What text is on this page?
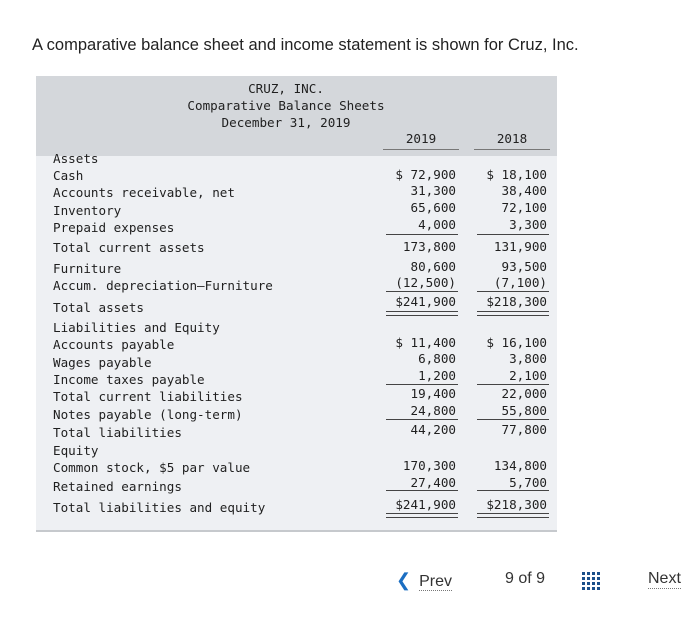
A comparative balance sheet and income statement is shown for Cruz, Inc.
CRUZ, INC.
Comparative Balance Sheets
December 31, 2019
2019	2018
Assets
Cash	$ 72,900	$ 18,100
Accounts receivable, net	31,300	38,400
Inventory	65,600	72,100
Prepaid expenses	4,000	3,300
Total current assets	173,800	131,900
Furniture	80,600	93,500
Accum. depreciation—Furniture	(12,500)	(7,100)
Total assets	$241,900	$218,300
Liabilities and Equity
Accounts payable	$ 11,400	$ 16,100
Wages payable	6,800	3,800
Income taxes payable	1,200	2,100
Total current liabilities	19,400	22,000
Notes payable (long-term)	24,800	55,800
Total liabilities	44,200	77,800
Equity
Common stock, $5 par value	170,300	134,800
Retained earnings	27,400	5,700
Total liabilities and equity	$241,900	$218,300
❮ Prev	9 of 9	Next
